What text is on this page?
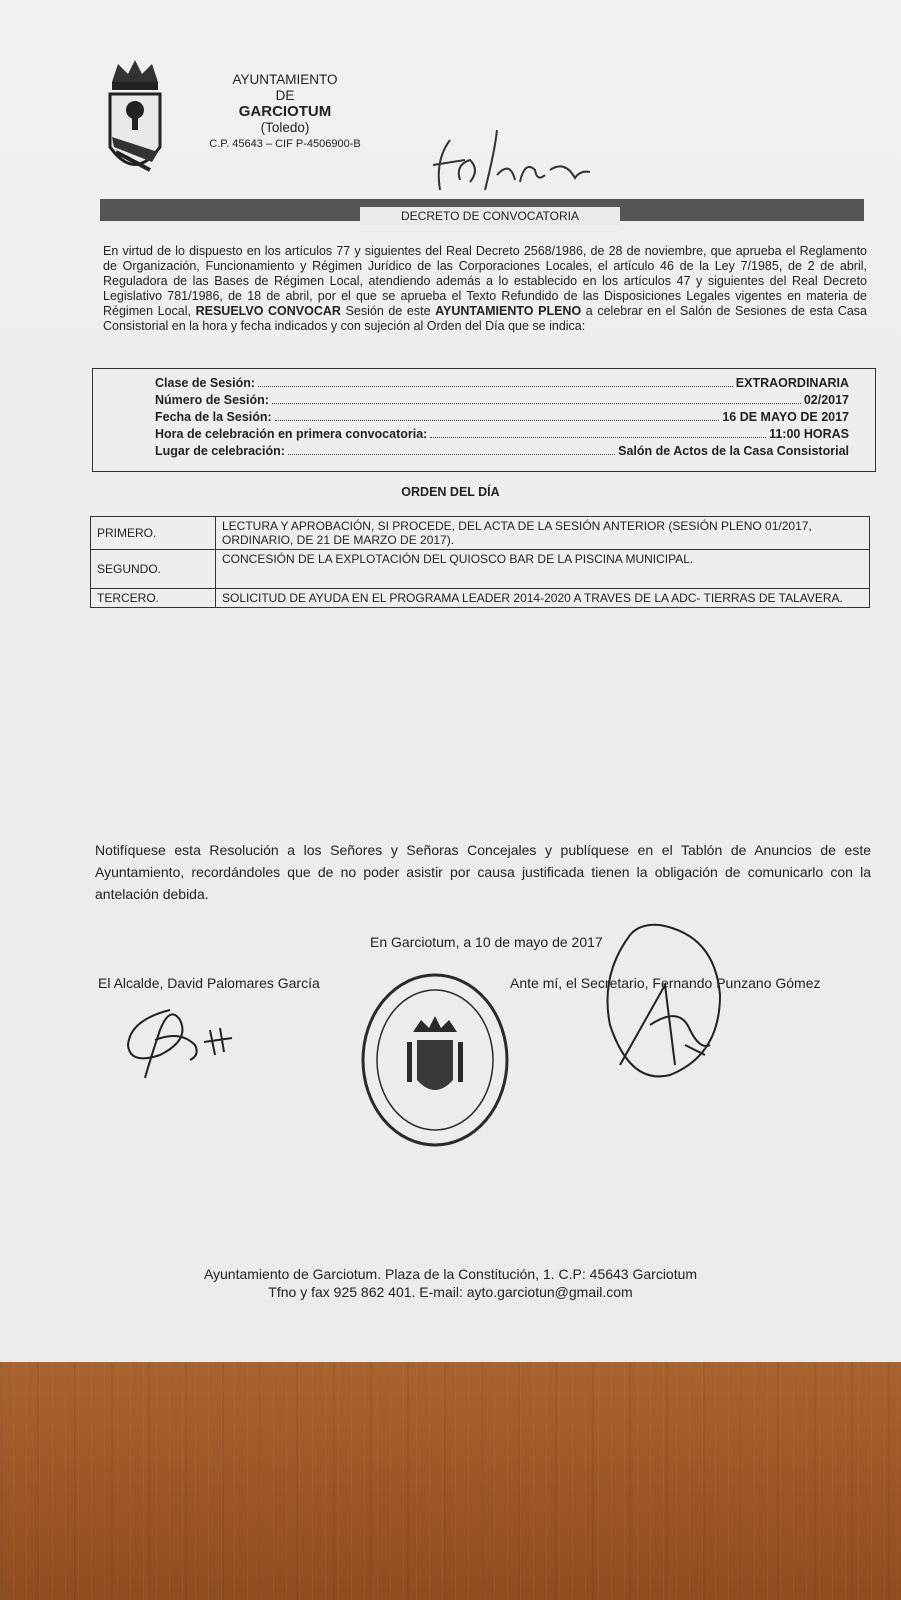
AYUNTAMIENTO
DE
GARCIOTUM
(Toledo)
C.P. 45643 – CIF P-4506900-B
DECRETO DE CONVOCATORIA
En virtud de lo dispuesto en los artículos 77 y siguientes del Real Decreto 2568/1986, de 28 de noviembre, que aprueba el Reglamento de Organización, Funcionamiento y Régimen Jurídico de las Corporaciones Locales, el artículo 46 de la Ley 7/1985, de 2 de abril, Reguladora de las Bases de Régimen Local, atendiendo además a lo establecido en los artículos 47 y siguientes del Real Decreto Legislativo 781/1986, de 18 de abril, por el que se aprueba el Texto Refundido de las Disposiciones Legales vigentes en materia de Régimen Local, RESUELVO CONVOCAR Sesión de este AYUNTAMIENTO PLENO a celebrar en el Salón de Sesiones de esta Casa Consistorial en la hora y fecha indicados y con sujeción al Orden del Día que se indica:
Clase de Sesión:	EXTRAORDINARIA
Número de Sesión:	02/2017
Fecha de la Sesión:	16 DE MAYO DE 2017
Hora de celebración en primera convocatoria:	11:00 HORAS
Lugar de celebración:	Salón de Actos de la Casa Consistorial
ORDEN DEL DÍA
PRIMERO.	LECTURA Y APROBACIÓN, SI PROCEDE, DEL ACTA DE LA SESIÓN ANTERIOR (SESIÓN PLENO 01/2017, ORDINARIO, DE 21 DE MARZO DE 2017).
SEGUNDO.	CONCESIÓN DE LA EXPLOTACIÓN DEL QUIOSCO BAR DE LA PISCINA MUNICIPAL.
TERCERO.	SOLICITUD DE AYUDA EN EL PROGRAMA LEADER 2014-2020 A TRAVES DE LA ADC- TIERRAS DE TALAVERA.
Notifíquese esta Resolución a los Señores y Señoras Concejales y publíquese en el Tablón de Anuncios de este Ayuntamiento, recordándoles que de no poder asistir por causa justificada tienen la obligación de comunicarlo con la antelación debida.
En Garciotum, a 10 de mayo de 2017
El Alcalde, David Palomares García	Ante mí, el Secretario, Fernando Punzano Gómez
Ayuntamiento de Garciotum. Plaza de la Constitución, 1. C.P: 45643 Garciotum
Tfno y fax 925 862 401. E-mail: ayto.garciotun@gmail.com
